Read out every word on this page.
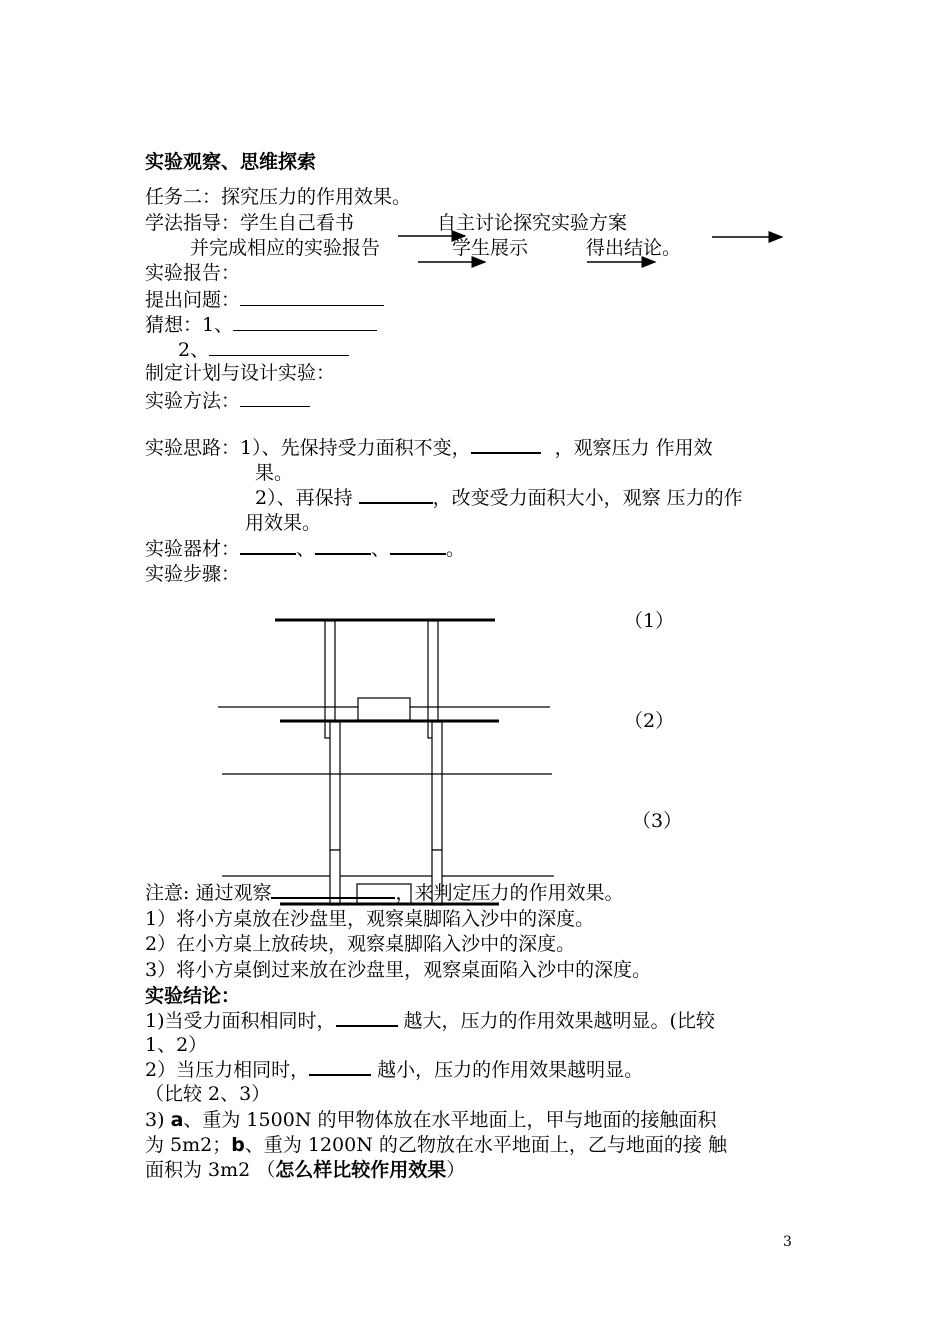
实验观察、思维探索
任务二：探究压力的作用效果。
学法指导：学生自己看书	自主讨论探究实验方案
并完成相应的实验报告	学生展示	得出结论。
实验报告：
提出问题：
猜想：1、
2、
制定计划与设计实验：
实验方法：
实验思路：1）、先保持受力面积不变，	，观察压力 作用效
果。
2）、再保持	，改变受力面积大小，观察 压力的作
用效果。
实验器材：	、	、	。
实验步骤：
（1）
（2）
（3）
注意: 通过观察	，来判定压力的作用效果。
1）将小方桌放在沙盘里，观察桌脚陷入沙中的深度。
2）在小方桌上放砖块，观察桌脚陷入沙中的深度。
3）将小方桌倒过来放在沙盘里，观察桌面陷入沙中的深度。
实验结论：
1)当受力面积相同时，	越大，压力的作用效果越明显。(比较
1、2）
2）当压力相同时，	越小，压力的作用效果越明显。
（比较 2、3）
3) a、重为 1500N 的甲物体放在水平地面上，甲与地面的接触面积
为 5m2；b、重为 1200N 的乙物放在水平地面上，乙与地面的接 触
面积为 3m2 （怎么样比较作用效果）
3
